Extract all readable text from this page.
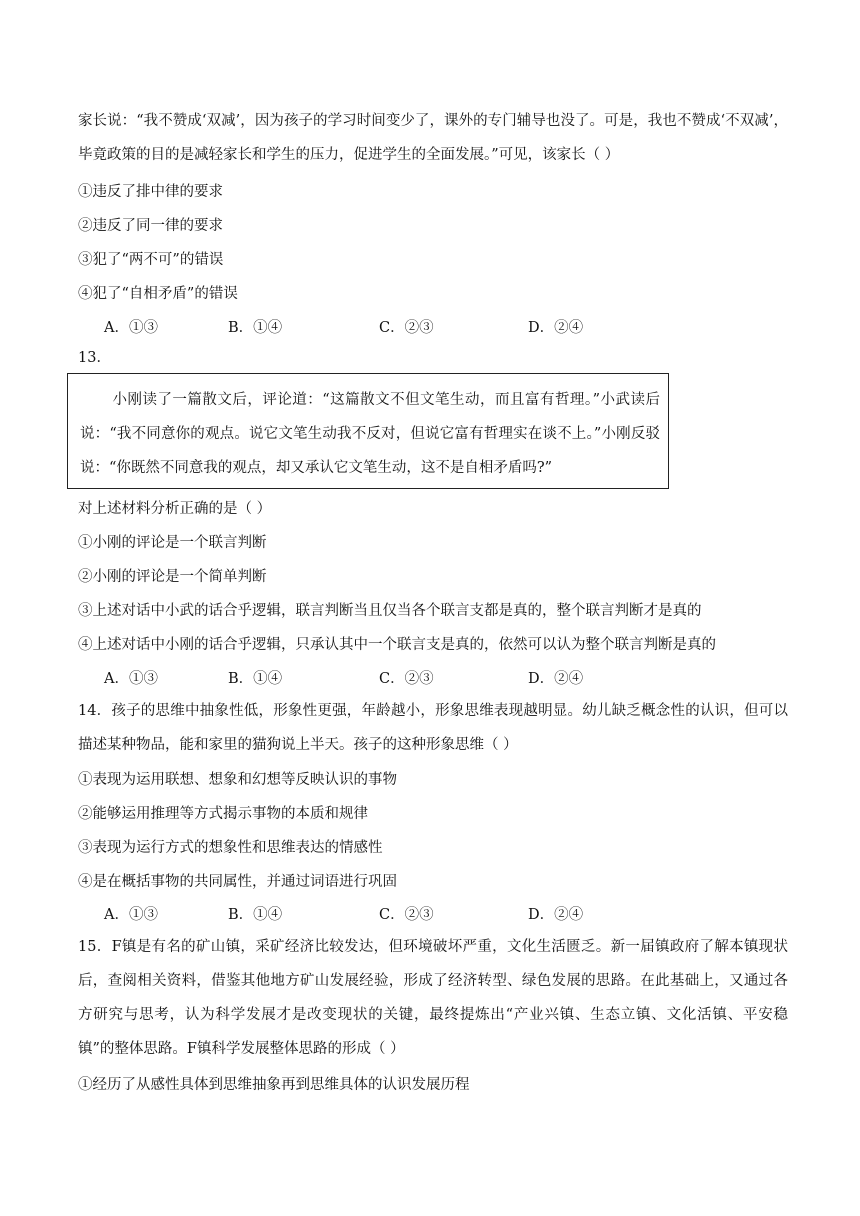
家长说：“我不赞成‘双减’，因为孩子的学习时间变少了，课外的专门辅导也没了。可是，我也不赞成‘不双减’，毕竟政策的目的是减轻家长和学生的压力，促进学生的全面发展。”可见，该家长（ ）
①违反了排中律的要求
②违反了同一律的要求
③犯了“两不可”的错误
④犯了“自相矛盾”的错误
A．①③	B．①④	C．②③	D．②④
13．
小刚读了一篇散文后，评论道：“这篇散文不但文笔生动，而且富有哲理。”小武读后说：“我不同意你的观点。说它文笔生动我不反对，但说它富有哲理实在谈不上。”小刚反驳说：“你既然不同意我的观点，却又承认它文笔生动，这不是自相矛盾吗?”
对上述材料分析正确的是（ ）
①小刚的评论是一个联言判断
②小刚的评论是一个简单判断
③上述对话中小武的话合乎逻辑，联言判断当且仅当各个联言支都是真的，整个联言判断才是真的
④上述对话中小刚的话合乎逻辑，只承认其中一个联言支是真的，依然可以认为整个联言判断是真的
A．①③	B．①④	C．②③	D．②④
14．孩子的思维中抽象性低，形象性更强，年龄越小，形象思维表现越明显。幼儿缺乏概念性的认识，但可以描述某种物品，能和家里的猫狗说上半天。孩子的这种形象思维（ ）
①表现为运用联想、想象和幻想等反映认识的事物
②能够运用推理等方式揭示事物的本质和规律
③表现为运行方式的想象性和思维表达的情感性
④是在概括事物的共同属性，并通过词语进行巩固
A．①③	B．①④	C．②③	D．②④
15．F镇是有名的矿山镇，采矿经济比较发达，但环境破坏严重，文化生活匮乏。新一届镇政府了解本镇现状后，查阅相关资料，借鉴其他地方矿山发展经验，形成了经济转型、绿色发展的思路。在此基础上，又通过各方研究与思考，认为科学发展才是改变现状的关键，最终提炼出“产业兴镇、生态立镇、文化活镇、平安稳镇”的整体思路。F镇科学发展整体思路的形成（ ）
①经历了从感性具体到思维抽象再到思维具体的认识发展历程
